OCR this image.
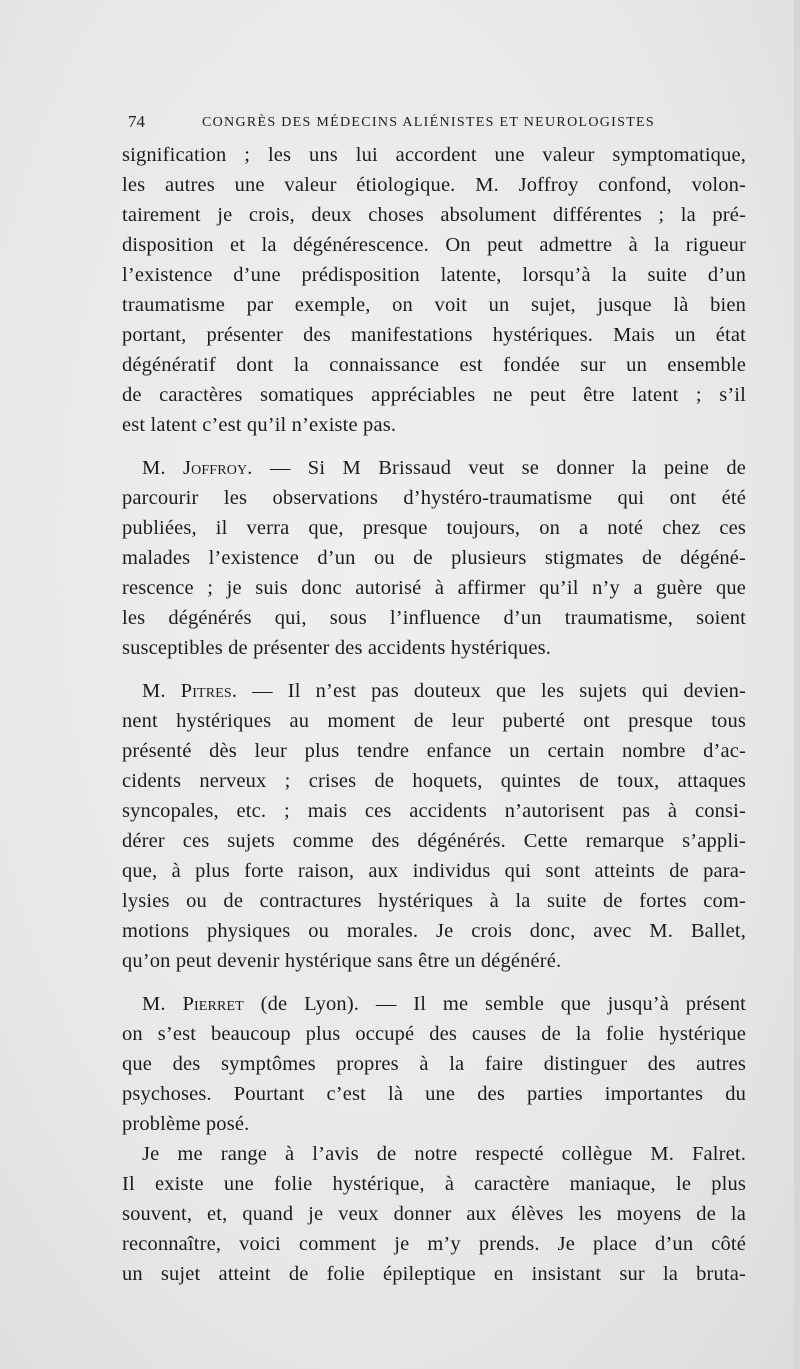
74	CONGRÈS DES MÉDECINS ALIÉNISTES ET NEUROLOGISTES
signification ; les uns lui accordent une valeur symptomatique,
les autres une valeur étiologique. M. Joffroy confond, volon-
tairement je crois, deux choses absolument différentes ; la pré-
disposition et la dégénérescence. On peut admettre à la rigueur
l’existence d’une prédisposition latente, lorsqu’à la suite d’un
traumatisme par exemple, on voit un sujet, jusque là bien
portant, présenter des manifestations hystériques. Mais un état
dégénératif dont la connaissance est fondée sur un ensemble
de caractères somatiques appréciables ne peut être latent ; s’il
est latent c’est qu’il n’existe pas.
M. Joffroy. — Si M Brissaud veut se donner la peine de
parcourir les observations d’hystéro-traumatisme qui ont été
publiées, il verra que, presque toujours, on a noté chez ces
malades l’existence d’un ou de plusieurs stigmates de dégéné-
rescence ; je suis donc autorisé à affirmer qu’il n’y a guère que
les dégénérés qui, sous l’influence d’un traumatisme, soient
susceptibles de présenter des accidents hystériques.
M. Pitres. — Il n’est pas douteux que les sujets qui devien-
nent hystériques au moment de leur puberté ont presque tous
présenté dès leur plus tendre enfance un certain nombre d’ac-
cidents nerveux ; crises de hoquets, quintes de toux, attaques
syncopales, etc. ; mais ces accidents n’autorisent pas à consi-
dérer ces sujets comme des dégénérés. Cette remarque s’appli-
que, à plus forte raison, aux individus qui sont atteints de para-
lysies ou de contractures hystériques à la suite de fortes com-
motions physiques ou morales. Je crois donc, avec M. Ballet,
qu’on peut devenir hystérique sans être un dégénéré.
M. Pierret (de Lyon). — Il me semble que jusqu’à présent
on s’est beaucoup plus occupé des causes de la folie hystérique
que des symptômes propres à la faire distinguer des autres
psychoses. Pourtant c’est là une des parties importantes du
problème posé.
Je me range à l’avis de notre respecté collègue M. Falret.
Il existe une folie hystérique, à caractère maniaque, le plus
souvent, et, quand je veux donner aux élèves les moyens de la
reconnaître, voici comment je m’y prends. Je place d’un côté
un sujet atteint de folie épileptique en insistant sur la bruta-
